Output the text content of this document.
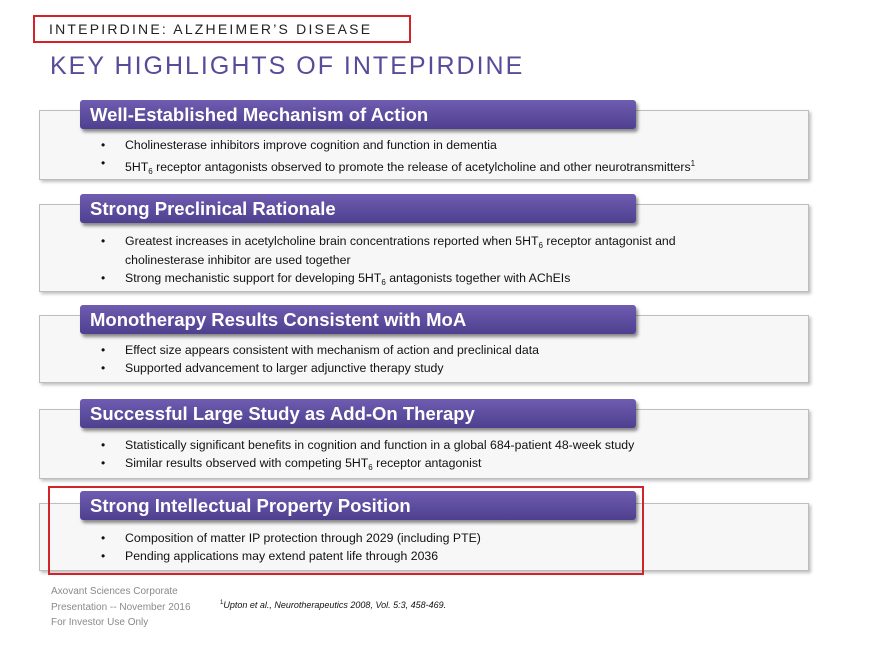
INTEPIRDINE: ALZHEIMER’S DISEASE
KEY HIGHLIGHTS OF INTEPIRDINE
Well-Established Mechanism of Action
• Cholinesterase inhibitors improve cognition and function in dementia
• $5HT_6$ receptor antagonists observed to promote the release of acetylcholine and other neurotransmitters$^1$
Strong Preclinical Rationale
• Greatest increases in acetylcholine brain concentrations reported when $5HT_6$ receptor antagonist and
cholinesterase inhibitor are used together
• Strong mechanistic support for developing $5HT_6$ antagonists together with AChEIs
Monotherapy Results Consistent with MoA
• Effect size appears consistent with mechanism of action and preclinical data
• Supported advancement to larger adjunctive therapy study
Successful Large Study as Add-On Therapy
• Statistically significant benefits in cognition and function in a global 684-patient 48-week study
• Similar results observed with competing $5HT_6$ receptor antagonist
Strong Intellectual Property Position
• Composition of matter IP protection through 2029 (including PTE)
• Pending applications may extend patent life through 2036
Axovant Sciences Corporate
Presentation -- November 2016
For Investor Use Only
$^1$Upton et al., Neurotherapeutics 2008, Vol. 5:3, 458-469.
